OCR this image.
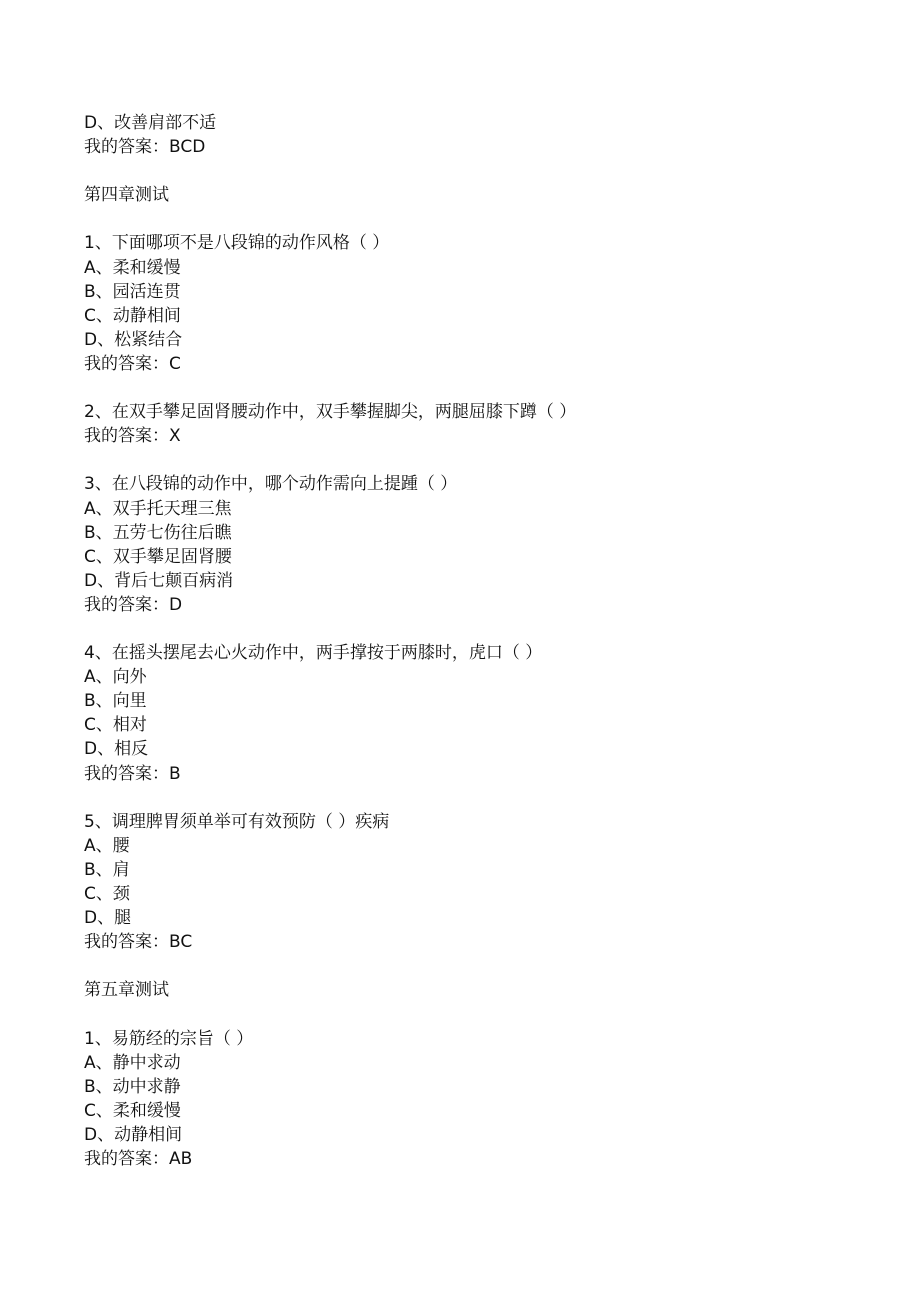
D、改善肩部不适
我的答案：BCD
第四章测试
1、下面哪项不是八段锦的动作风格（ ）
A、柔和缓慢
B、园活连贯
C、动静相间
D、松紧结合
我的答案：C
2、在双手攀足固肾腰动作中，双手攀握脚尖，两腿屈膝下蹲（ ）
我的答案：X
3、在八段锦的动作中，哪个动作需向上提踵（ ）
A、双手托天理三焦
B、五劳七伤往后瞧
C、双手攀足固肾腰
D、背后七颠百病消
我的答案：D
4、在摇头摆尾去心火动作中，两手撑按于两膝时，虎口（ ）
A、向外
B、向里
C、相对
D、相反
我的答案：B
5、调理脾胃须单举可有效预防（ ）疾病
A、腰
B、肩
C、颈
D、腿
我的答案：BC
第五章测试
1、易筋经的宗旨（ ）
A、静中求动
B、动中求静
C、柔和缓慢
D、动静相间
我的答案：AB
